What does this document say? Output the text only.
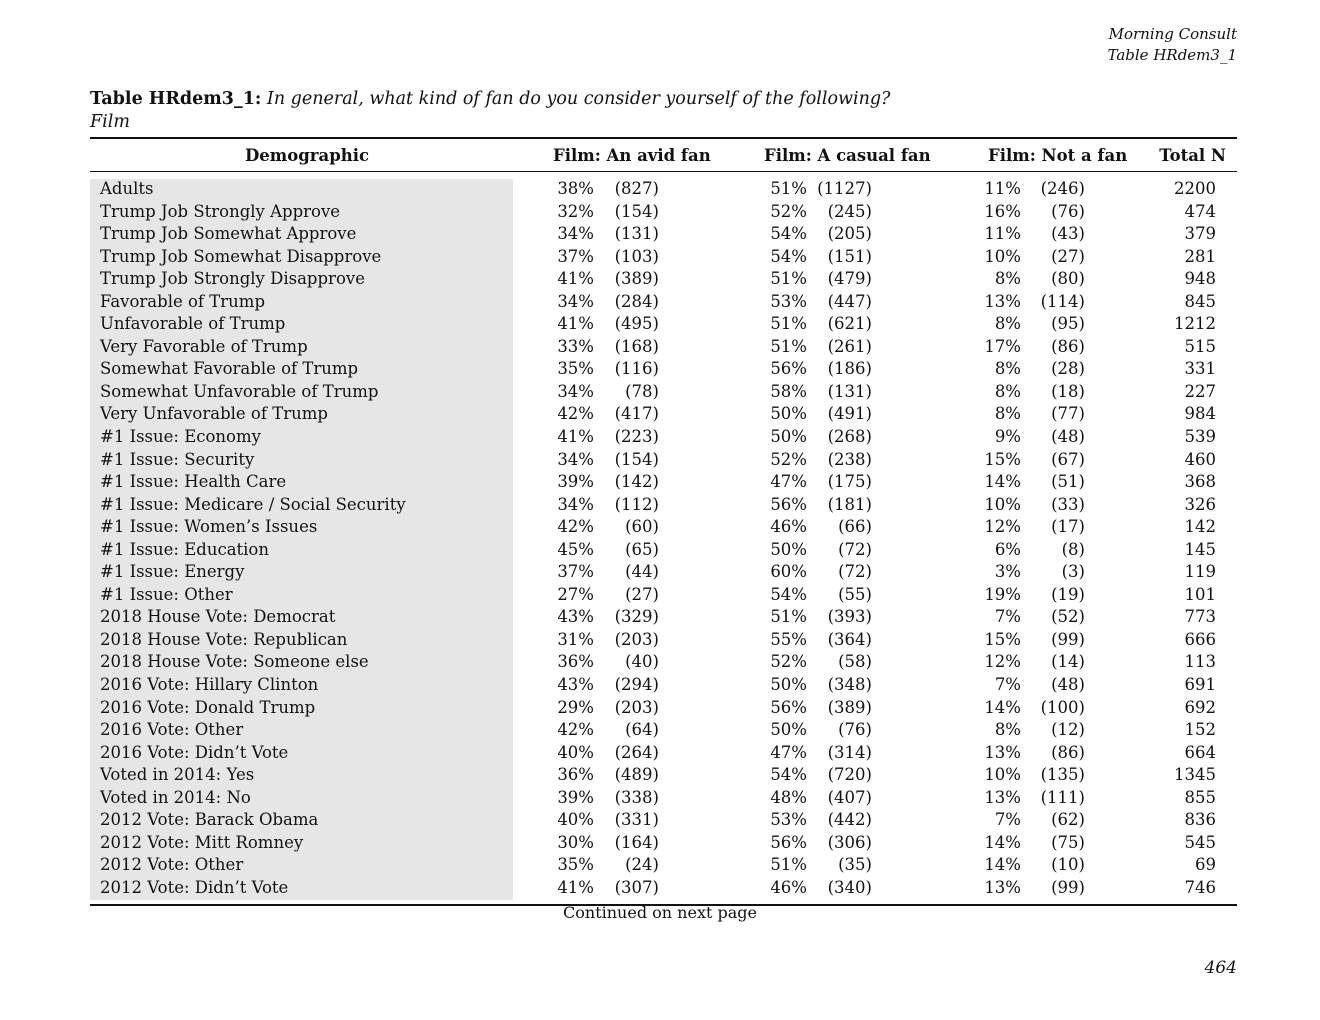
Morning Consult
Table HRdem3_1
Table HRdem3_1: In general, what kind of fan do you consider yourself of the following?
Film
Demographic	Film: An avid fan	Film: A casual fan	Film: Not a fan Total N
Adults	38% (827)	51% (1127)	11% (246)	2200
Trump Job Strongly Approve	32% (154)	52% (245)	16% (76)	474
Trump Job Somewhat Approve	34% (131)	54% (205)	11% (43)	379
Trump Job Somewhat Disapprove	37% (103)	54% (151)	10% (27)	281
Trump Job Strongly Disapprove	41% (389)	51% (479)	8% (80)	948
Favorable of Trump	34% (284)	53% (447)	13% (114)	845
Unfavorable of Trump	41% (495)	51% (621)	8% (95)	1212
Very Favorable of Trump	33% (168)	51% (261)	17% (86)	515
Somewhat Favorable of Trump	35% (116)	56% (186)	8% (28)	331
Somewhat Unfavorable of Trump	34% (78)	58% (131)	8% (18)	227
Very Unfavorable of Trump	42% (417)	50% (491)	8% (77)	984
#1 Issue: Economy	41% (223)	50% (268)	9% (48)	539
#1 Issue: Security	34% (154)	52% (238)	15% (67)	460
#1 Issue: Health Care	39% (142)	47% (175)	14% (51)	368
#1 Issue: Medicare / Social Security	34% (112)	56% (181)	10% (33)	326
#1 Issue: Women’s Issues	42% (60)	46% (66)	12% (17)	142
#1 Issue: Education	45% (65)	50% (72)	6% (8)	145
#1 Issue: Energy	37% (44)	60% (72)	3% (3)	119
#1 Issue: Other	27% (27)	54% (55)	19% (19)	101
2018 House Vote: Democrat	43% (329)	51% (393)	7% (52)	773
2018 House Vote: Republican	31% (203)	55% (364)	15% (99)	666
2018 House Vote: Someone else	36% (40)	52% (58)	12% (14)	113
2016 Vote: Hillary Clinton	43% (294)	50% (348)	7% (48)	691
2016 Vote: Donald Trump	29% (203)	56% (389)	14% (100)	692
2016 Vote: Other	42% (64)	50% (76)	8% (12)	152
2016 Vote: Didn’t Vote	40% (264)	47% (314)	13% (86)	664
Voted in 2014: Yes	36% (489)	54% (720)	10% (135)	1345
Voted in 2014: No	39% (338)	48% (407)	13% (111)	855
2012 Vote: Barack Obama	40% (331)	53% (442)	7% (62)	836
2012 Vote: Mitt Romney	30% (164)	56% (306)	14% (75)	545
2012 Vote: Other	35% (24)	51% (35)	14% (10)	69
2012 Vote: Didn’t Vote	41% (307)	46% (340)	13% (99)	746
Continued on next page
464
